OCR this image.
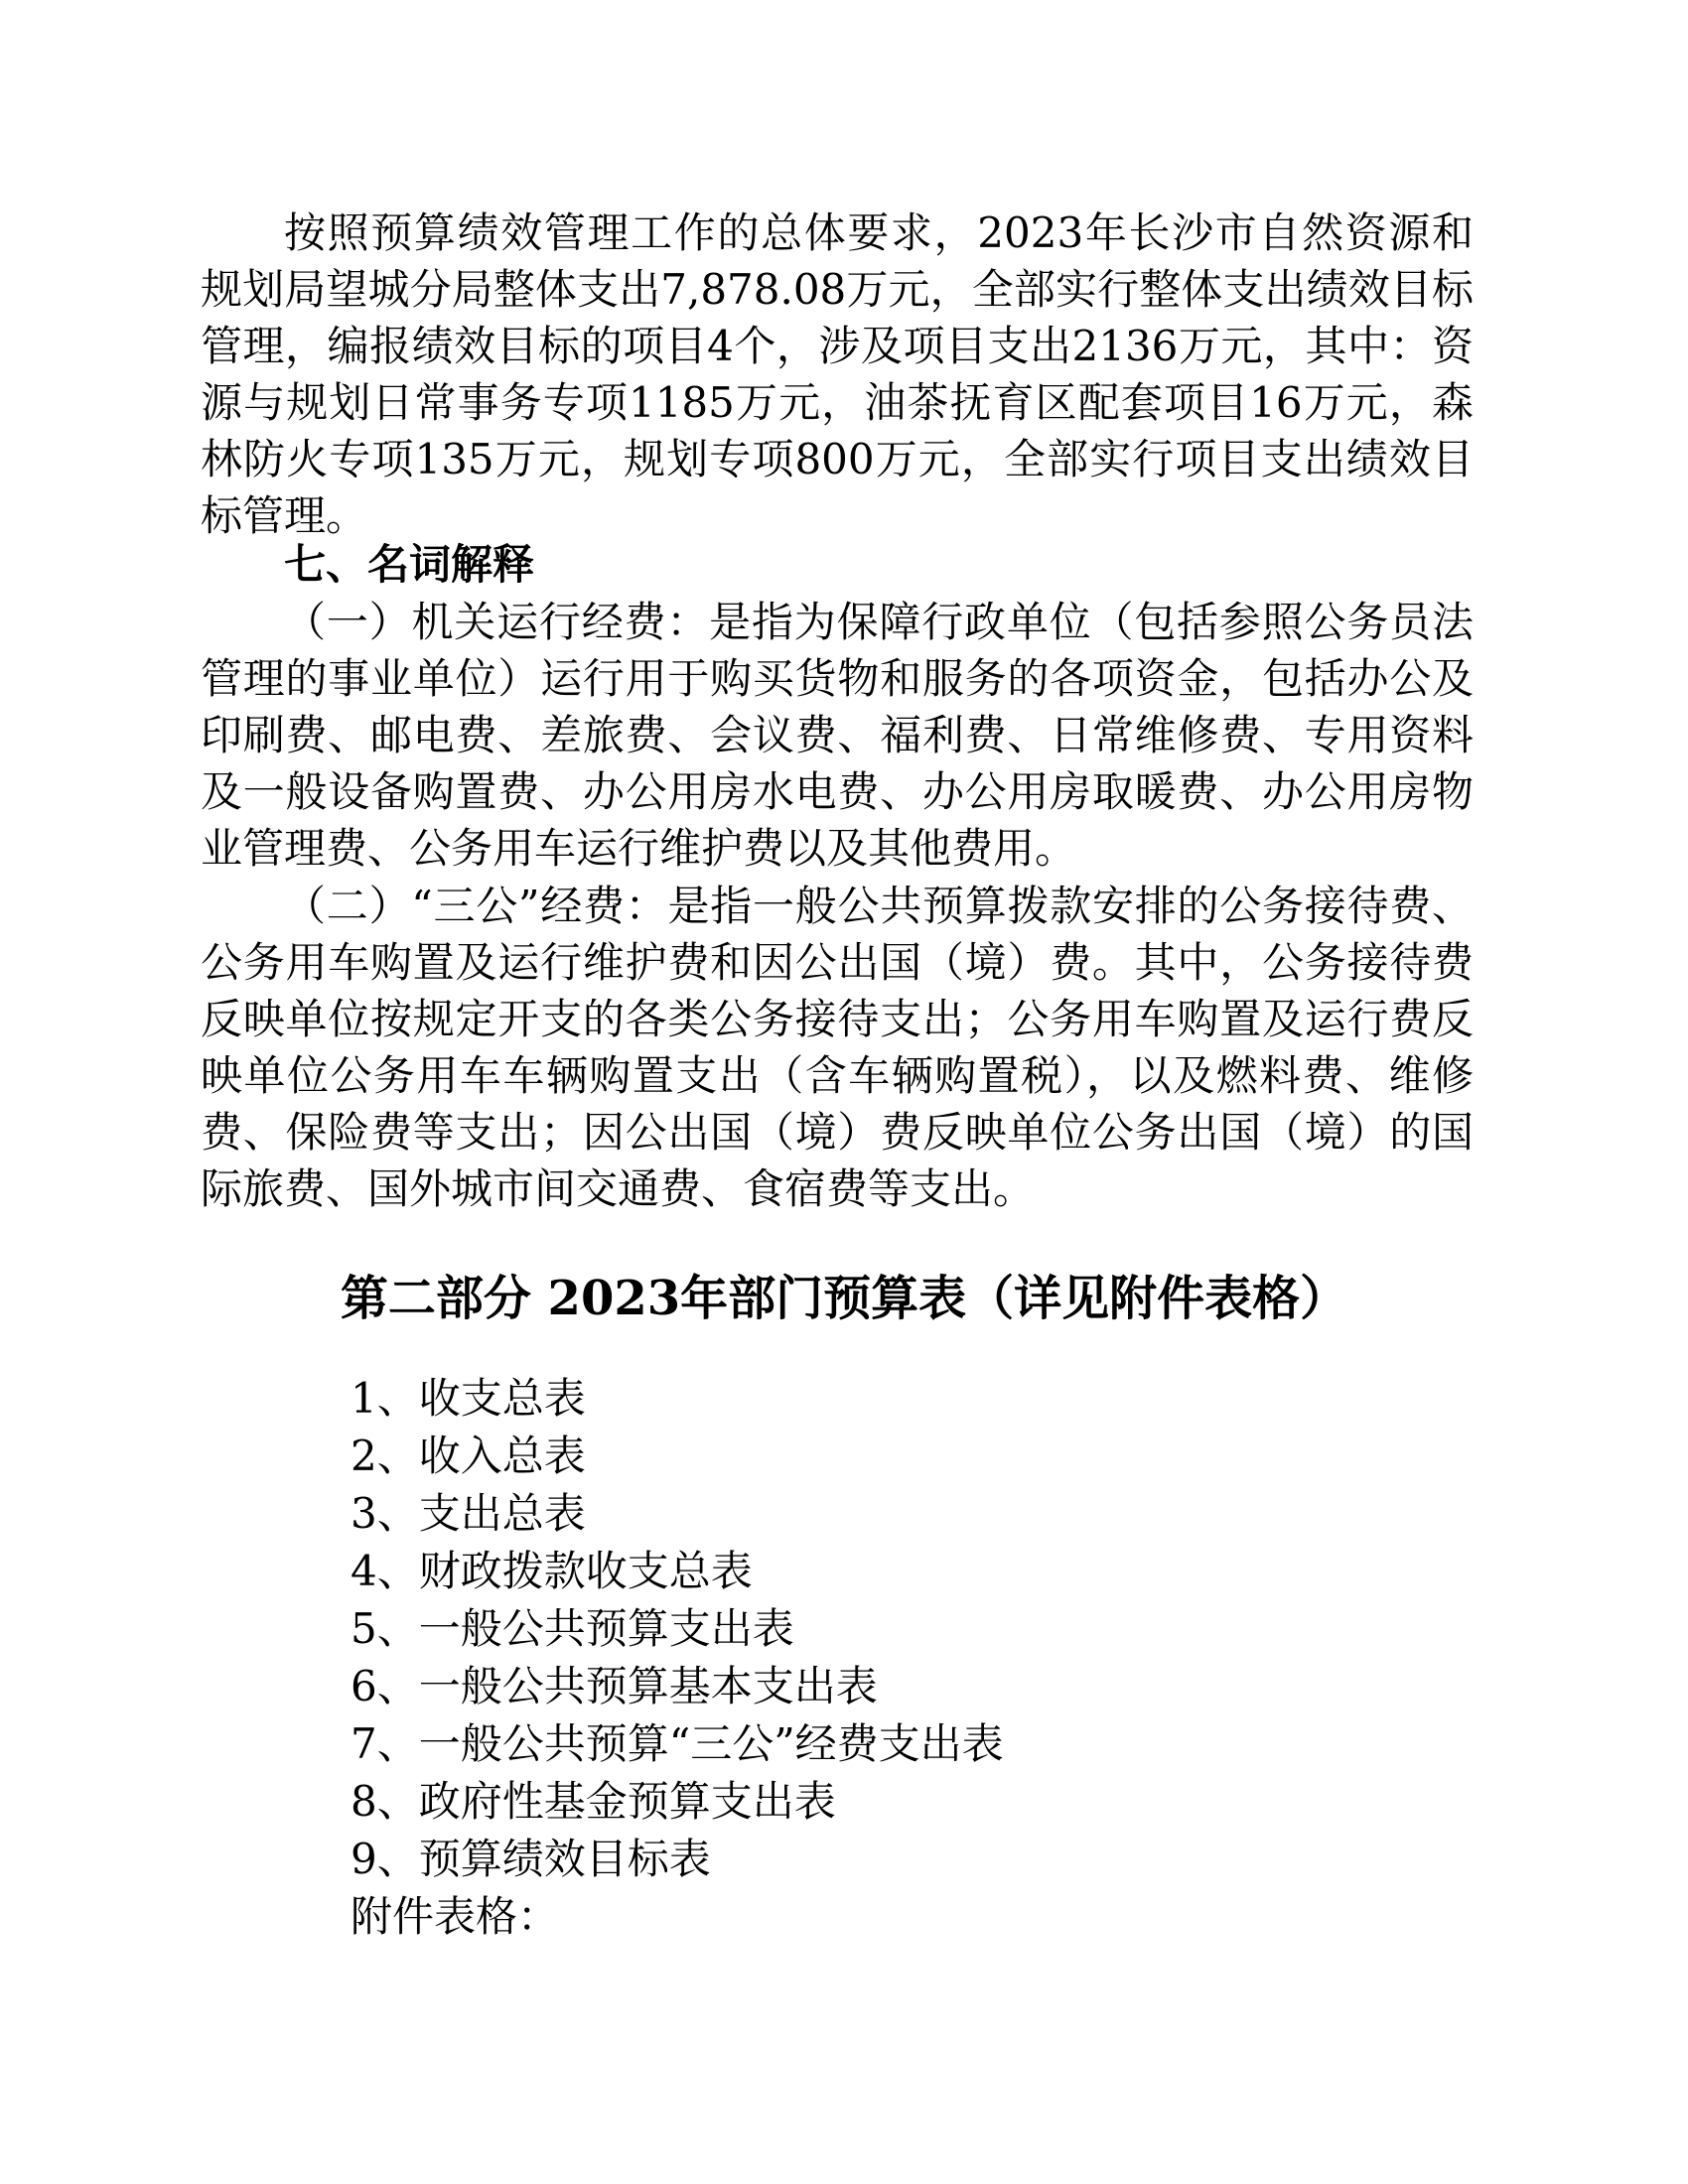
按照预算绩效管理工作的总体要求，2023年长沙市自然资源和规划局望城分局整体支出7,878.08万元，全部实行整体支出绩效目标管理，编报绩效目标的项目4个，涉及项目支出2136万元，其中：资源与规划日常事务专项1185万元，油茶抚育区配套项目16万元，森林防火专项135万元，规划专项800万元，全部实行项目支出绩效目标管理。

七、名词解释

（一）机关运行经费：是指为保障行政单位（包括参照公务员法管理的事业单位）运行用于购买货物和服务的各项资金，包括办公及印刷费、邮电费、差旅费、会议费、福利费、日常维修费、专用资料及一般设备购置费、办公用房水电费、办公用房取暖费、办公用房物业管理费、公务用车运行维护费以及其他费用。

（二）“三公”经费：是指一般公共预算拨款安排的公务接待费、公务用车购置及运行维护费和因公出国（境）费。其中，公务接待费反映单位按规定开支的各类公务接待支出；公务用车购置及运行费反映单位公务用车车辆购置支出（含车辆购置税），以及燃料费、维修费、保险费等支出；因公出国（境）费反映单位公务出国（境）的国际旅费、国外城市间交通费、食宿费等支出。

第二部分 2023年部门预算表（详见附件表格）

1、收支总表
2、收入总表
3、支出总表
4、财政拨款收支总表
5、一般公共预算支出表
6、一般公共预算基本支出表
7、一般公共预算“三公”经费支出表
8、政府性基金预算支出表
9、预算绩效目标表

附件表格：
